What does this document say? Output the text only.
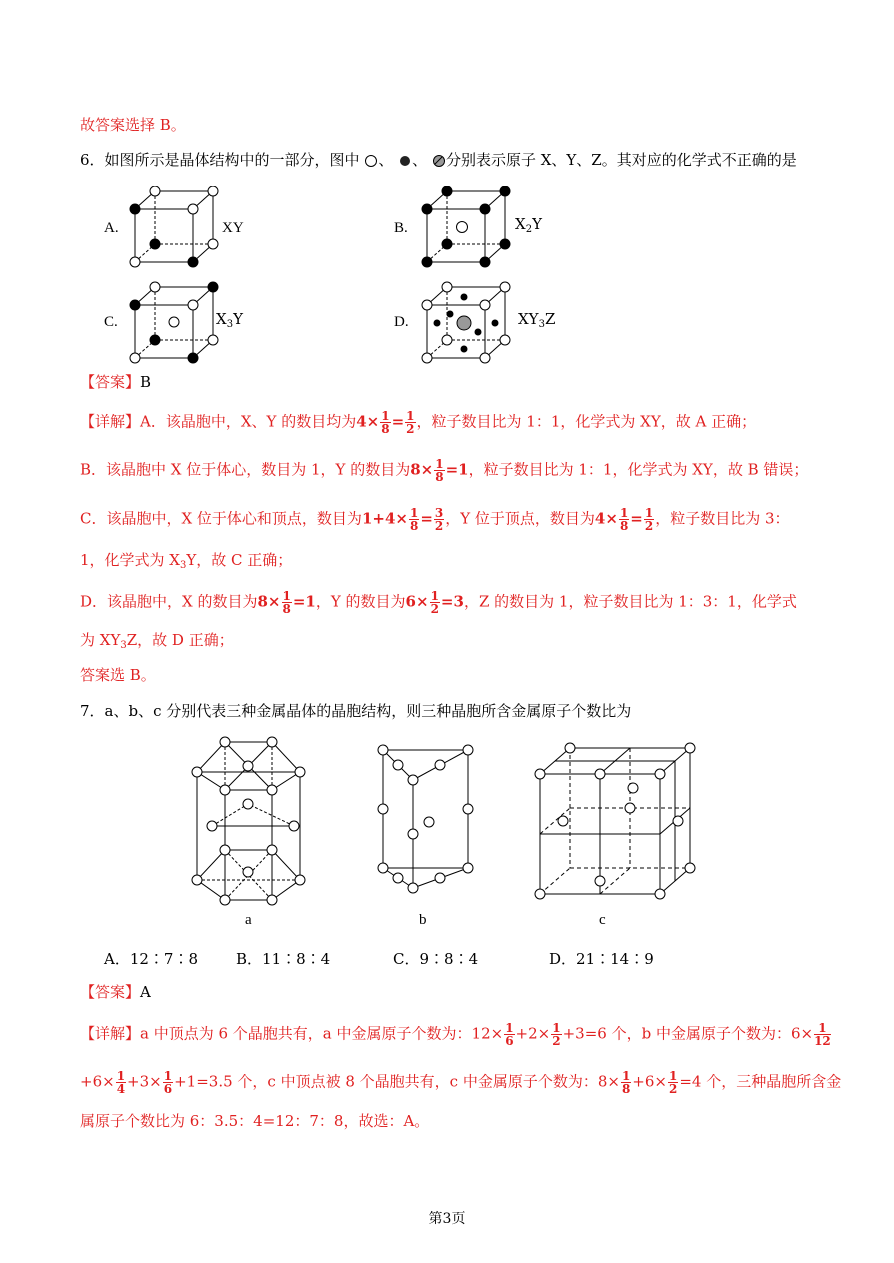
故答案选择 B。
6．如图所示是晶体结构中的一部分，图中 、 、 分别表示原子 X、Y、Z。其对应的化学式不正确的是
A.	XY
C.	$X_3Y$
B.
D.
$X_2Y$
$XY_3Z$
【答案】B
【详解】A．该晶胞中，X、Y 的数目均为$4\times \frac{1}{8} = \frac{1}{2}$ ，粒子数目比为 1：1，化学式为 XY，故 A 正确；
B．该晶胞中 X 位于体心，数目为 1，Y 的数目为$8\times \frac{1}{8} =1$，粒子数目比为 1：1，化学式为 XY，故 B 错误；
C．该晶胞中，X 位于体心和顶点，数目为$1+4\times \frac{1}{8} = \frac{3}{2}$ ，Y 位于顶点，数目为$4\times \frac{1}{8} = \frac{1}{2}$ ，粒子数目比为 3：
1，化学式为 $X_3Y$，故 C 正确；
D．该晶胞中，X 的数目为$8\times \frac{1}{8} =1$，Y 的数目为$6\times \frac{1}{2} =3$，Z 的数目为 1，粒子数目比为 1：3：1，化学式
为 $XY_3Z$，故 D 正确；
答案选 B。
7．a、b、c 分别代表三种金属晶体的晶胞结构，则三种晶胞所含金属原子个数比为
a	b	c
A．12∶7∶8	B．11∶8∶4	C．9∶8∶4	D．21∶14∶9
【答案】A
【详解】a 中顶点为 6 个晶胞共有，a 中金属原子个数为：$12\times \frac{1}{6} +2\times \frac{1}{2} +3=6$ 个，b 中金属原子个数为：$6\times \frac{1}{12}$
$+6\times \frac{1}{4} +3\times \frac{1}{6} +1=3.5$ 个，c 中顶点被 8 个晶胞共有，c 中金属原子个数为：$8\times \frac{1}{8} +6\times \frac{1}{2} =4$ 个，三种晶胞所含金
属原子个数比为 6：3.5：4=12：7：8，故选：A。
第3页
